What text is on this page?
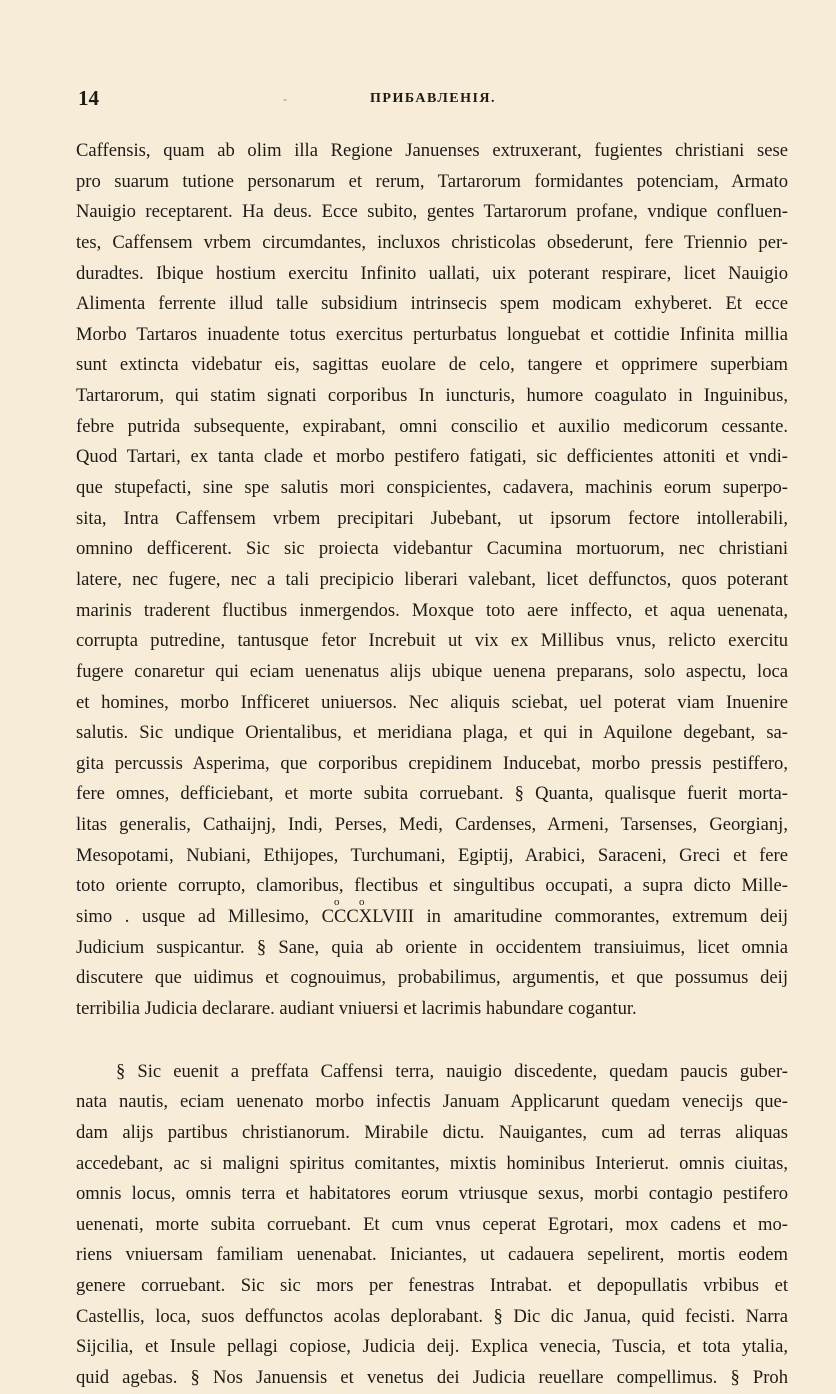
14	-	ПРИБАВЛЕНІЯ.
Caffensis, quam ab olim illa Regione Januenses extruxerant, fugientes christiani sese
pro suarum tutione personarum et rerum, Tartarorum formidantes potenciam, Armato
Nauigio receptarent. Ha deus. Ecce subito, gentes Tartarorum profane, vndique confluen-
tes, Caffensem vrbem circumdantes, incluxos christicolas obsederunt, fere Triennio per-
duradtes. Ibique hostium exercitu Infinito uallati, uix poterant respirare, licet Nauigio
Alimenta ferrente illud talle subsidium intrinsecis spem modicam exhyberet. Et ecce
Morbo Tartaros inuadente totus exercitus perturbatus longuebat et cottidie Infinita millia
sunt extincta videbatur eis, sagittas euolare de celo, tangere et opprimere superbiam
Tartarorum, qui statim signati corporibus In iuncturis, humore coagulato in Inguinibus,
febre putrida subsequente, expirabant, omni conscilio et auxilio medicorum cessante.
Quod Tartari, ex tanta clade et morbo pestifero fatigati, sic defficientes attoniti et vndi-
que stupefacti, sine spe salutis mori conspicientes, cadavera, machinis eorum superpo-
sita, Intra Caffensem vrbem precipitari Jubebant, ut ipsorum fectore intollerabili,
omnino defficerent. Sic sic proiecta videbantur Cacumina mortuorum, nec christiani
latere, nec fugere, nec a tali precipicio liberari valebant, licet deffunctos, quos poterant
marinis traderent fluctibus inmergendos. Moxque toto aere inffecto, et aqua uenenata,
corrupta putredine, tantusque fetor Increbuit ut vix ex Millibus vnus, relicto exercitu
fugere conaretur qui eciam uenenatus alijs ubique uenena preparans, solo aspectu, loca
et homines, morbo Infficeret uniuersos. Nec aliquis sciebat, uel poterat viam Inuenire
salutis. Sic undique Orientalibus, et meridiana plaga, et qui in Aquilone degebant, sa-
gita percussis Asperima, que corporibus crepidinem Inducebat, morbo pressis pestiffero,
fere omnes, defficiebant, et morte subita corruebant. § Quanta, qualisque fuerit morta-
litas generalis, Cathaijnj, Indi, Perses, Medi, Cardenses, Armeni, Tarsenses, Georgianj,
Mesopotami, Nubiani, Ethijopes, Turchumani, Egiptij, Arabici, Saraceni, Greci et fere
toto oriente corrupto, clamoribus, flectibus et singultibus occupati, a supra dicto Mille-
o o
simo . usque ad Millesimo, CCCXLVIII in amaritudine commorantes, extremum deij
Judicium suspicantur. § Sane, quia ab oriente in occidentem transiuimus, licet omnia
discutere que uidimus et cognouimus, probabilimus, argumentis, et que possumus deij
terribilia Judicia declarare. audiant vniuersi et lacrimis habundare cogantur.
§ Sic euenit a preffata Caffensi terra, nauigio discedente, quedam paucis guber-
nata nautis, eciam uenenato morbo infectis Januam Applicarunt quedam venecijs que-
dam alijs partibus christianorum. Mirabile dictu. Nauigantes, cum ad terras aliquas
accedebant, ac si maligni spiritus comitantes, mixtis hominibus Interierut. omnis ciuitas,
omnis locus, omnis terra et habitatores eorum vtriusque sexus, morbi contagio pestifero
uenenati, morte subita corruebant. Et cum vnus ceperat Egrotari, mox cadens et mo-
riens vniuersam familiam uenenabat. Iniciantes, ut cadauera sepelirent, mortis eodem
genere corruebant. Sic sic mors per fenestras Intrabat. et depopullatis vrbibus et
Castellis, loca, suos deffunctos acolas deplorabant. § Dic dic Janua, quid fecisti. Narra
Sijcilia, et Insule pellagi copiose, Judicia deij. Explica venecia, Tuscia, et tota ytalia,
quid agebas. § Nos Januensis et venetus dei Judicia reuellare compellimus. § Proh
